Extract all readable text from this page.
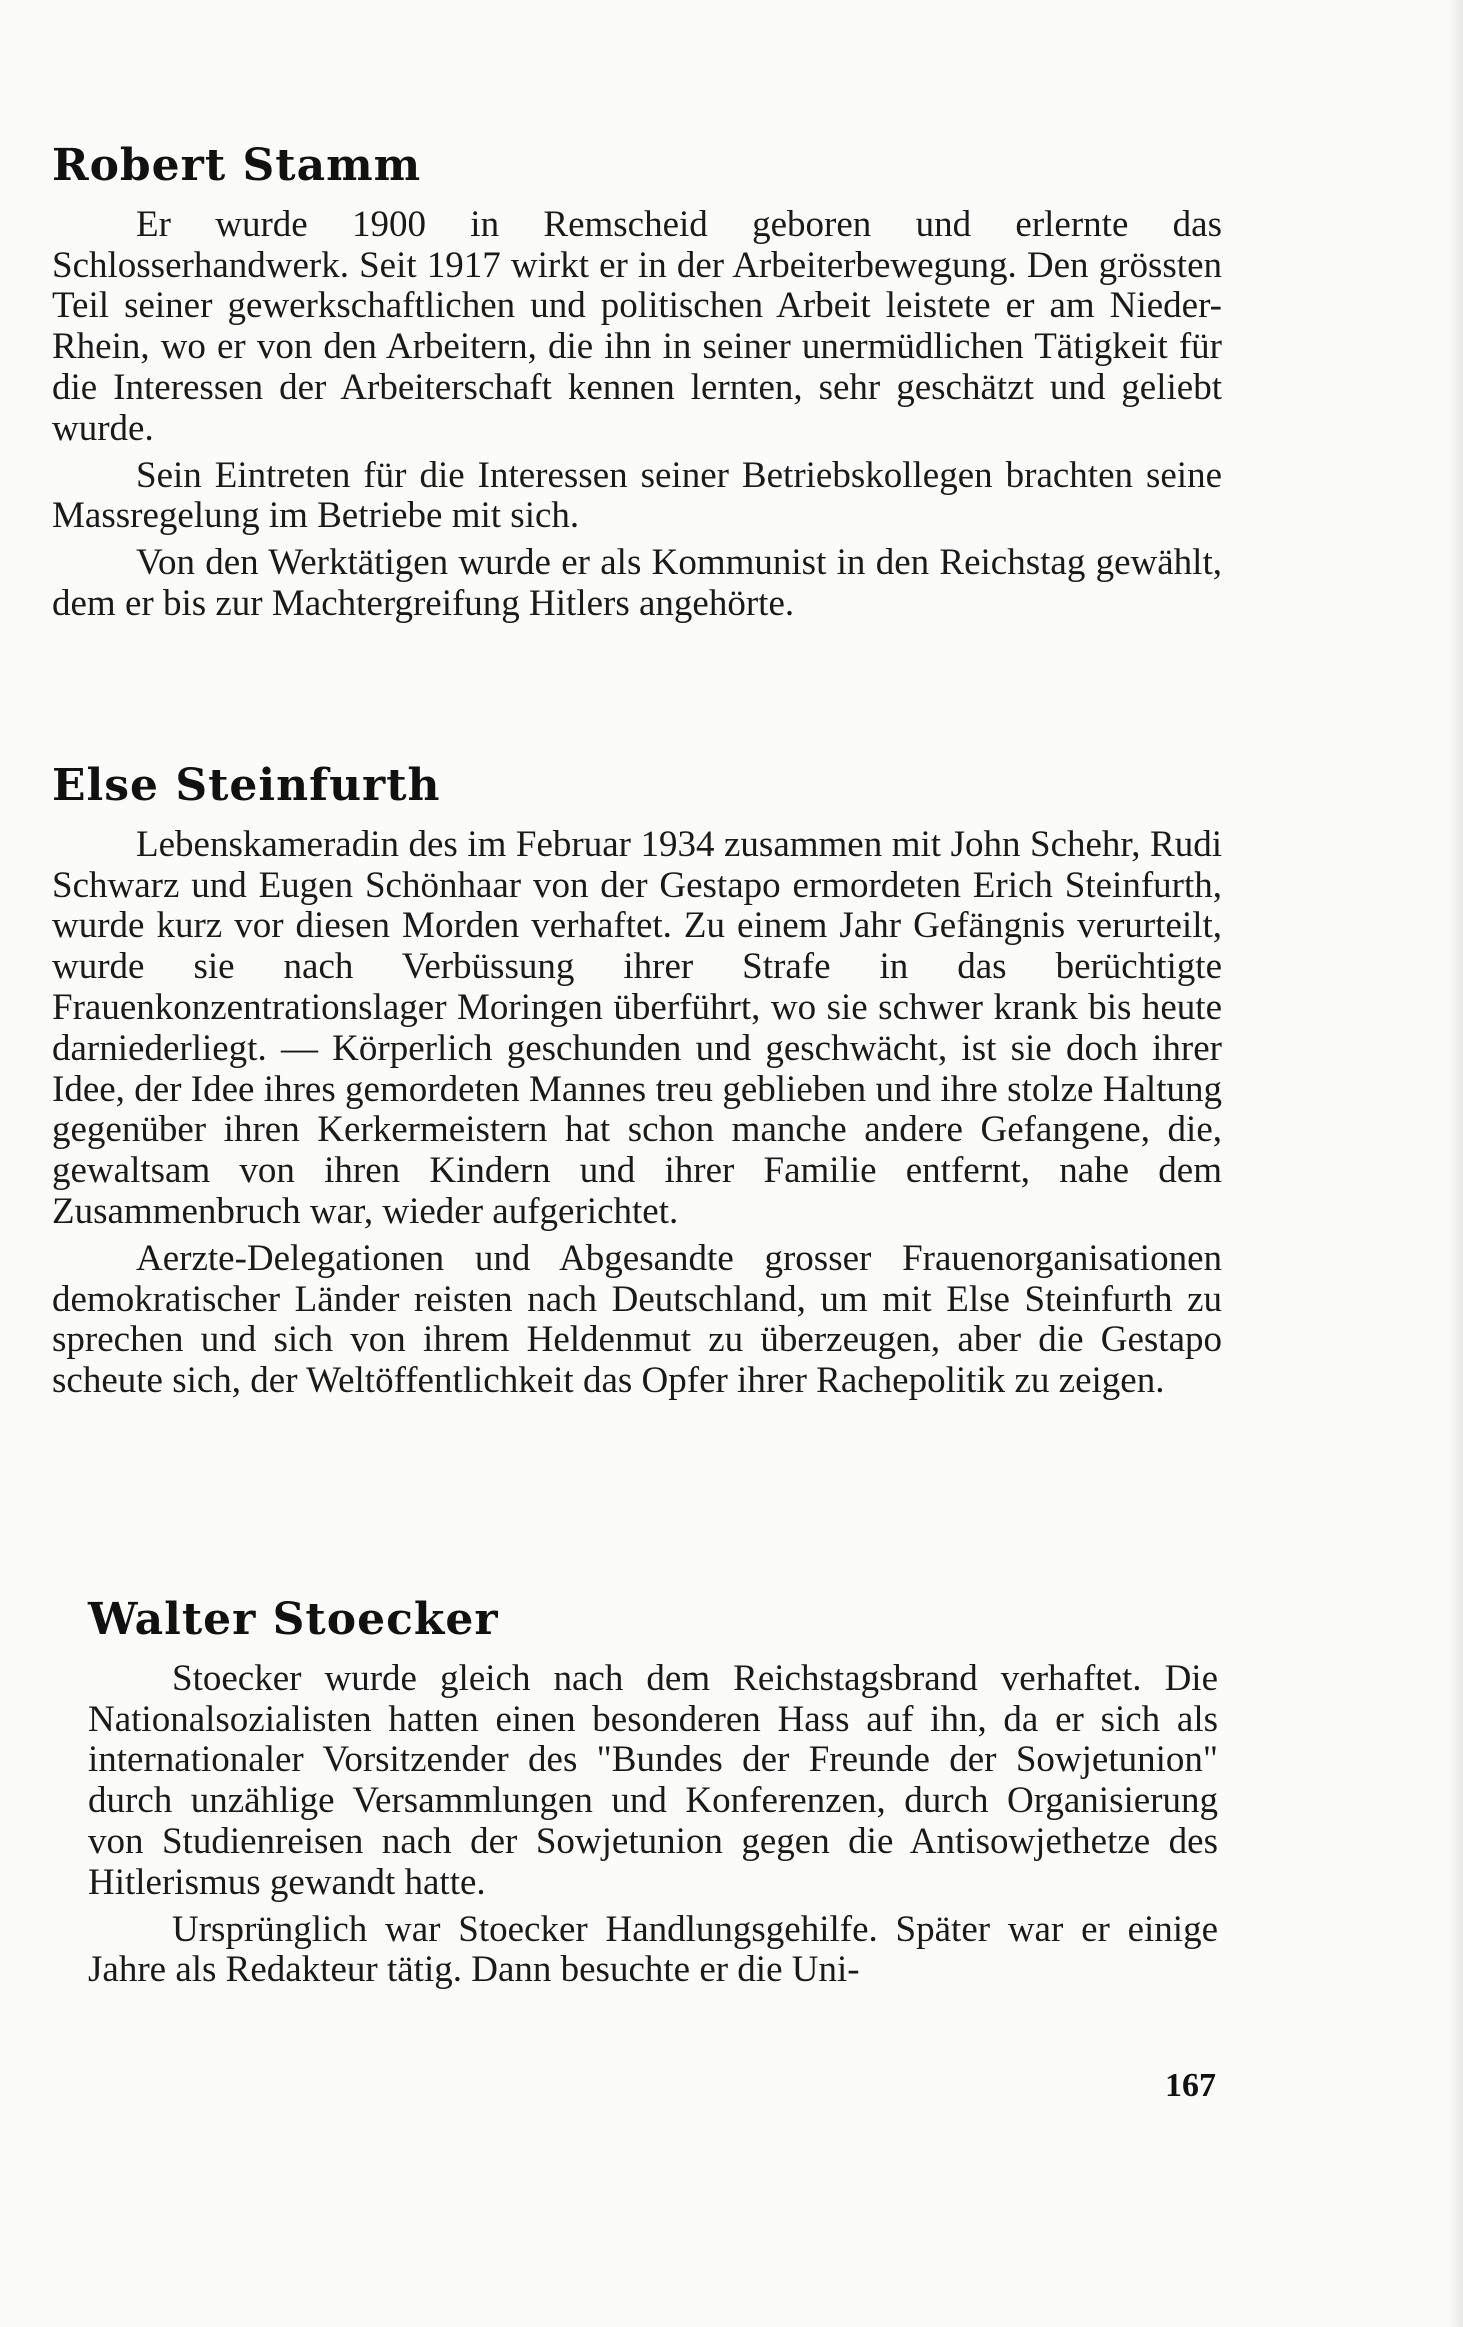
Robert Stamm

Er wurde 1900 in Remscheid geboren und erlernte das Schlosserhandwerk. Seit 1917 wirkt er in der Arbeiterbewegung. Den grössten Teil seiner gewerkschaftlichen und politischen Arbeit leistete er am Nieder-Rhein, wo er von den Arbeitern, die ihn in seiner unermüdlichen Tätigkeit für die Interessen der Arbeiterschaft kennen lernten, sehr geschätzt und geliebt wurde.

Sein Eintreten für die Interessen seiner Betriebskollegen brachten seine Massregelung im Betriebe mit sich.

Von den Werktätigen wurde er als Kommunist in den Reichstag gewählt, dem er bis zur Machtergreifung Hitlers angehörte.

Else Steinfurth

Lebenskameradin des im Februar 1934 zusammen mit John Schehr, Rudi Schwarz und Eugen Schönhaar von der Gestapo ermordeten Erich Steinfurth, wurde kurz vor diesen Morden verhaftet. Zu einem Jahr Gefängnis verurteilt, wurde sie nach Verbüssung ihrer Strafe in das berüchtigte Frauenkonzentrationslager Moringen überführt, wo sie schwer krank bis heute darniederliegt. — Körperlich geschunden und geschwächt, ist sie doch ihrer Idee, der Idee ihres gemordeten Mannes treu geblieben und ihre stolze Haltung gegenüber ihren Kerkermeistern hat schon manche andere Gefangene, die, gewaltsam von ihren Kindern und ihrer Familie entfernt, nahe dem Zusammenbruch war, wieder aufgerichtet.

Aerzte-Delegationen und Abgesandte grosser Frauenorganisationen demokratischer Länder reisten nach Deutschland, um mit Else Steinfurth zu sprechen und sich von ihrem Heldenmut zu überzeugen, aber die Gestapo scheute sich, der Weltöffentlichkeit das Opfer ihrer Rachepolitik zu zeigen.

Walter Stoecker

Stoecker wurde gleich nach dem Reichstagsbrand verhaftet. Die Nationalsozialisten hatten einen besonderen Hass auf ihn, da er sich als internationaler Vorsitzender des "Bundes der Freunde der Sowjetunion" durch unzählige Versammlungen und Konferenzen, durch Organisierung von Studienreisen nach der Sowjetunion gegen die Antisowjethetze des Hitlerismus gewandt hatte.

Ursprünglich war Stoecker Handlungsgehilfe. Später war er einige Jahre als Redakteur tätig. Dann besuchte er die Uni-

167
